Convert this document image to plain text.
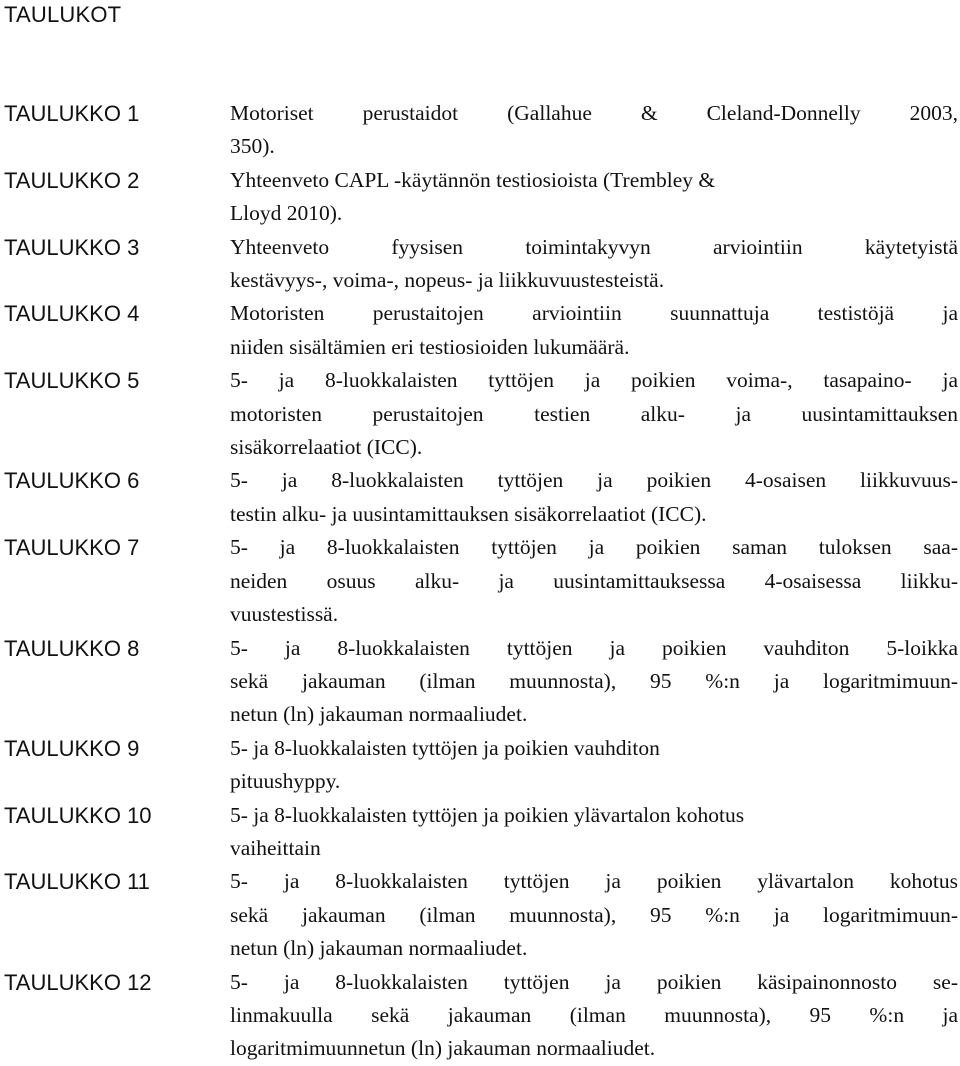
TAULUKOT
TAULUKKO 1	Motoriset perustaidot (Gallahue & Cleland-Donnelly 2003,
350).
TAULUKKO 2	Yhteenveto CAPL -käytännön testiosioista (Trembley &
Lloyd 2010).
TAULUKKO 3	Yhteenveto fyysisen toimintakyvyn arviointiin käytetyistä
kestävyys-, voima-, nopeus- ja liikkuvuustesteistä.
TAULUKKO 4	Motoristen perustaitojen arviointiin suunnattuja testistöjä ja
niiden sisältämien eri testiosioiden lukumäärä.
TAULUKKO 5	5- ja 8-luokkalaisten tyttöjen ja poikien voima-, tasapaino- ja
motoristen perustaitojen testien alku- ja uusintamittauksen
sisäkorrelaatiot (ICC).
TAULUKKO 6	5- ja 8-luokkalaisten tyttöjen ja poikien 4-osaisen liikkuvuus-
testin alku- ja uusintamittauksen sisäkorrelaatiot (ICC).
TAULUKKO 7	5- ja 8-luokkalaisten tyttöjen ja poikien saman tuloksen saa-
neiden osuus alku- ja uusintamittauksessa 4-osaisessa liikku-
vuustestissä.
TAULUKKO 8	5- ja 8-luokkalaisten tyttöjen ja poikien vauhditon 5-loikka
sekä jakauman (ilman muunnosta), 95 %:n ja logaritmimuun-
netun (ln) jakauman normaaliudet.
TAULUKKO 9	5- ja 8-luokkalaisten tyttöjen ja poikien vauhditon
pituushyppy.
TAULUKKO 10	5- ja 8-luokkalaisten tyttöjen ja poikien ylävartalon kohotus
vaiheittain
TAULUKKO 11	5- ja 8-luokkalaisten tyttöjen ja poikien ylävartalon kohotus
sekä jakauman (ilman muunnosta), 95 %:n ja logaritmimuun-
netun (ln) jakauman normaaliudet.
TAULUKKO 12	5- ja 8-luokkalaisten tyttöjen ja poikien käsipainonnosto se-
linmakuulla sekä jakauman (ilman muunnosta), 95 %:n ja
logaritmimuunnetun (ln) jakauman normaaliudet.
